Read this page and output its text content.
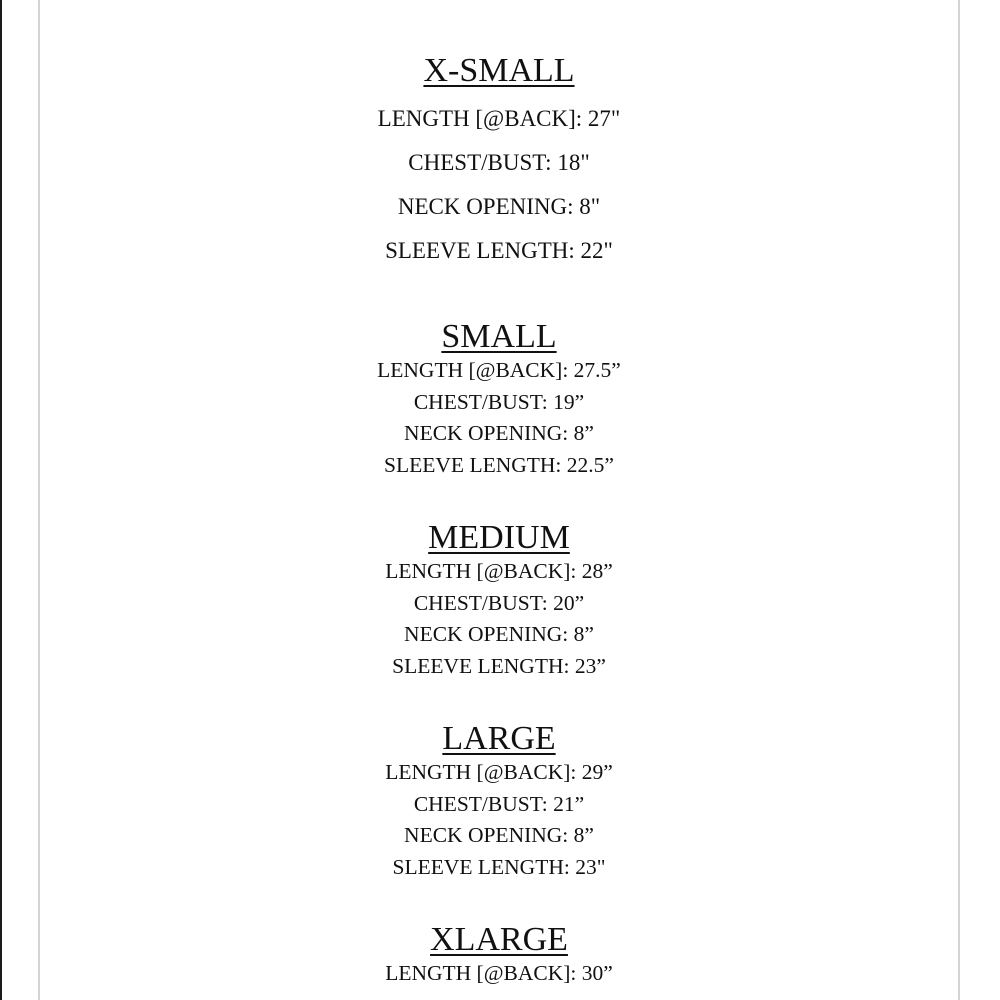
X-SMALL

LENGTH [@BACK]: 27"

CHEST/BUST: 18"

NECK OPENING: 8"

SLEEVE LENGTH: 22"

SMALL

LENGTH [@BACK]: 27.5”

CHEST/BUST: 19”

NECK OPENING: 8”

SLEEVE LENGTH: 22.5”

MEDIUM

LENGTH [@BACK]: 28”

CHEST/BUST: 20”

NECK OPENING: 8”

SLEEVE LENGTH: 23”

LARGE

LENGTH [@BACK]: 29”

CHEST/BUST: 21”

NECK OPENING: 8”

SLEEVE LENGTH: 23"

XLARGE

LENGTH [@BACK]: 30”
